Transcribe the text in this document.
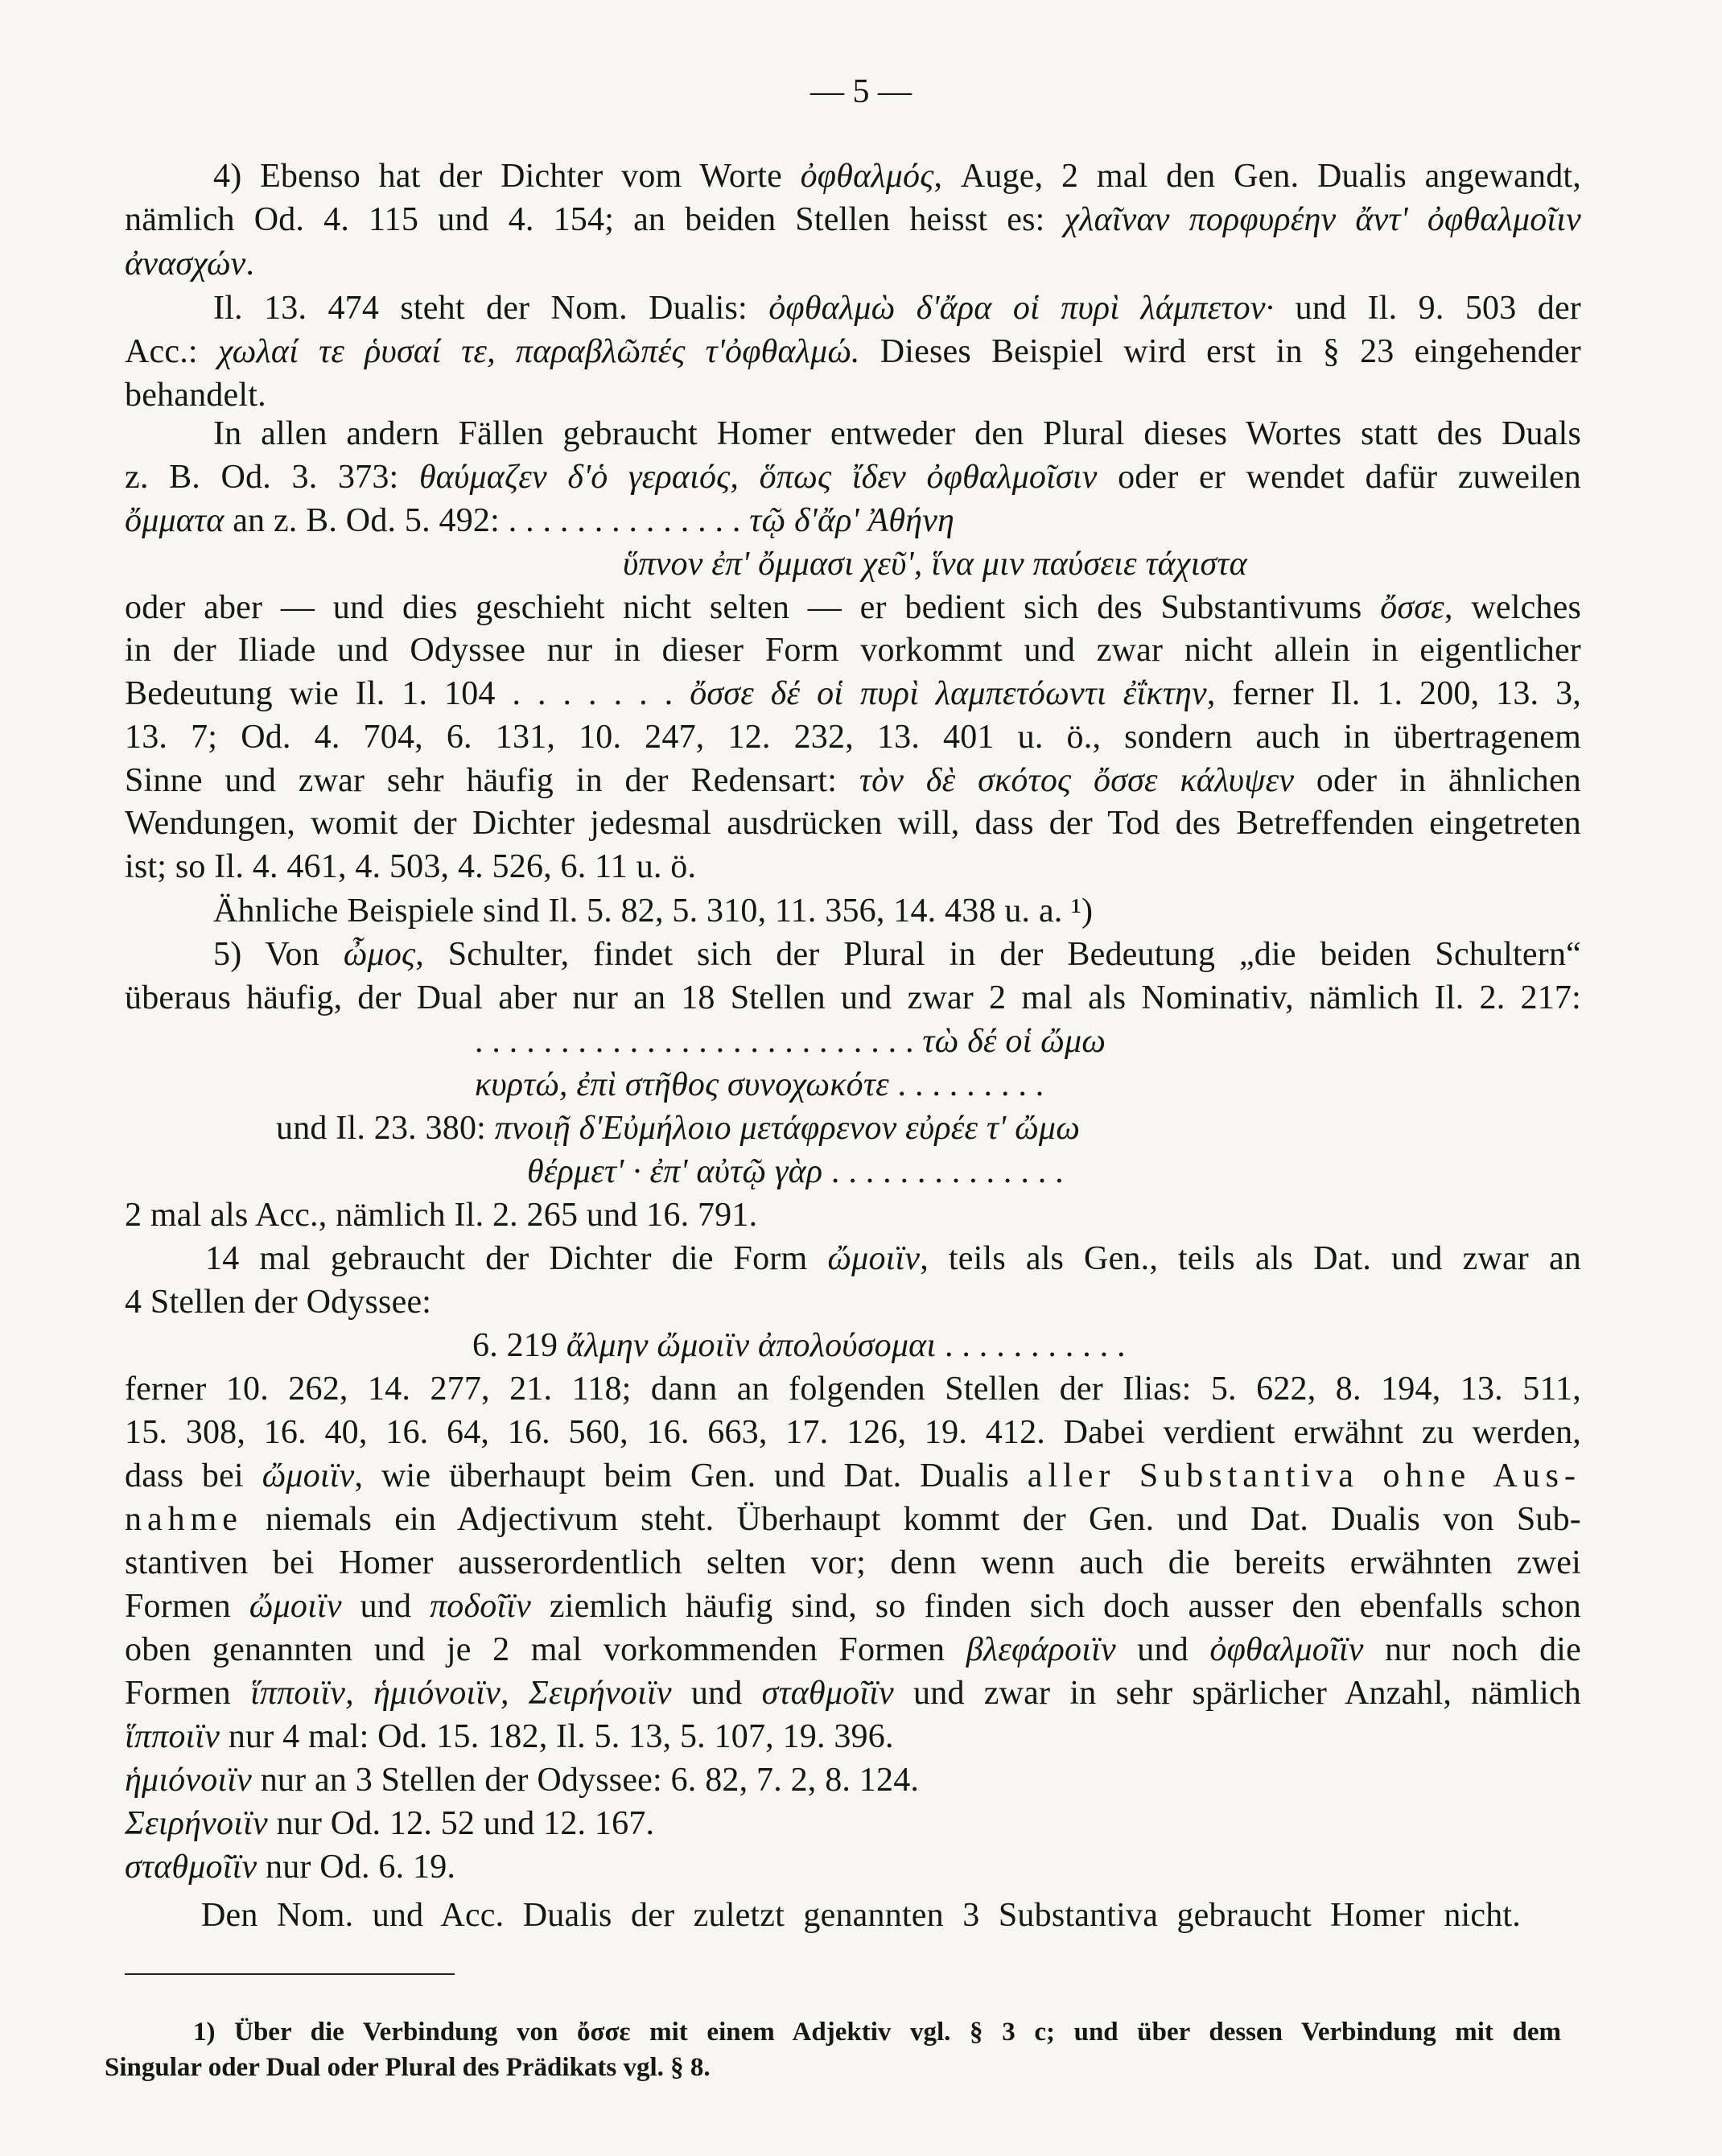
— 5 —
4) Ebenso hat der Dichter vom Worte ὀφθαλμός, Auge, 2 mal den Gen. Dualis angewandt,
nämlich Od. 4. 115 und 4. 154; an beiden Stellen heisst es: χλαῖναν πορφυρέην ἄντ' ὀφθαλμοῖιν
ἀνασχών.
Il. 13. 474 steht der Nom. Dualis: ὀφθαλμὼ δ'ἄρα οἱ πυρὶ λάμπετον· und Il. 9. 503 der
Acc.: χωλαί τε ῥυσαί τε, παραβλῶπές τ'ὀφθαλμώ. Dieses Beispiel wird erst in § 23 eingehender
behandelt.
In allen andern Fällen gebraucht Homer entweder den Plural dieses Wortes statt des Duals
z. B. Od. 3. 373: θαύμαζεν δ'ὁ γεραιός, ὅπως ἴδεν ὀφθαλμοῖσιν oder er wendet dafür zuweilen
ὄμματα an z. B. Od. 5. 492: . . . . . . . . . . . . . . τῷ δ'ἄρ' Ἀθήνη
ὕπνον ἐπ' ὄμμασι χεῦ', ἵνα μιν παύσειε τάχιστα
oder aber — und dies geschieht nicht selten — er bedient sich des Substantivums ὄσσε, welches
in der Iliade und Odyssee nur in dieser Form vorkommt und zwar nicht allein in eigentlicher
Bedeutung wie Il. 1. 104 . . . . . . . ὄσσε δέ οἱ πυρὶ λαμπετόωντι ἐΐκτην, ferner Il. 1. 200, 13. 3,
13. 7; Od. 4. 704, 6. 131, 10. 247, 12. 232, 13. 401 u. ö., sondern auch in übertragenem
Sinne und zwar sehr häufig in der Redensart: τὸν δὲ σκότος ὄσσε κάλυψεν oder in ähnlichen
Wendungen, womit der Dichter jedesmal ausdrücken will, dass der Tod des Betreffenden eingetreten
ist; so Il. 4. 461, 4. 503, 4. 526, 6. 11 u. ö.
Ähnliche Beispiele sind Il. 5. 82, 5. 310, 11. 356, 14. 438 u. a. ¹)
5) Von ὦμος, Schulter, findet sich der Plural in der Bedeutung „die beiden Schultern“
überaus häufig, der Dual aber nur an 18 Stellen und zwar 2 mal als Nominativ, nämlich Il. 2. 217:
. . . . . . . . . . . . . . . . . . . . . . . . . . τὼ δέ οἱ ὤμω
κυρτώ, ἐπὶ στῆθος συνοχωκότε . . . . . . . . .
und Il. 23. 380: πνοιῇ δ'Εὐμήλοιο μετάφρενον εὐρέε τ' ὤμω
θέρμετ' · ἐπ' αὐτῷ γὰρ . . . . . . . . . . . . . .
2 mal als Acc., nämlich Il. 2. 265 und 16. 791.
14 mal gebraucht der Dichter die Form ὤμοιϊν, teils als Gen., teils als Dat. und zwar an
4 Stellen der Odyssee:
6. 219 ἄλμην ὤμοιϊν ἀπολούσομαι . . . . . . . . . . .
ferner 10. 262, 14. 277, 21. 118; dann an folgenden Stellen der Ilias: 5. 622, 8. 194, 13. 511,
15. 308, 16. 40, 16. 64, 16. 560, 16. 663, 17. 126, 19. 412. Dabei verdient erwähnt zu werden,
dass bei ὤμοιϊν, wie überhaupt beim Gen. und Dat. Dualis aller Substantiva ohne Aus-
nahme niemals ein Adjectivum steht. Überhaupt kommt der Gen. und Dat. Dualis von Sub-
stantiven bei Homer ausserordentlich selten vor; denn wenn auch die bereits erwähnten zwei
Formen ὤμοιϊν und ποδοῖϊν ziemlich häufig sind, so finden sich doch ausser den ebenfalls schon
oben genannten und je 2 mal vorkommenden Formen βλεφάροιϊν und ὀφθαλμοῖϊν nur noch die
Formen ἵπποιϊν, ἡμιόνοιϊν, Σειρήνοιϊν und σταθμοῖϊν und zwar in sehr spärlicher Anzahl, nämlich
ἵπποιϊν nur 4 mal: Od. 15. 182, Il. 5. 13, 5. 107, 19. 396.
ἡμιόνοιϊν nur an 3 Stellen der Odyssee: 6. 82, 7. 2, 8. 124.
Σειρήνοιϊν nur Od. 12. 52 und 12. 167.
σταθμοῖϊν nur Od. 6. 19.
Den Nom. und Acc. Dualis der zuletzt genannten 3 Substantiva gebraucht Homer nicht.
1) Über die Verbindung von ὄσσε mit einem Adjektiv vgl. § 3 c; und über dessen Verbindung mit dem
Singular oder Dual oder Plural des Prädikats vgl. § 8.
